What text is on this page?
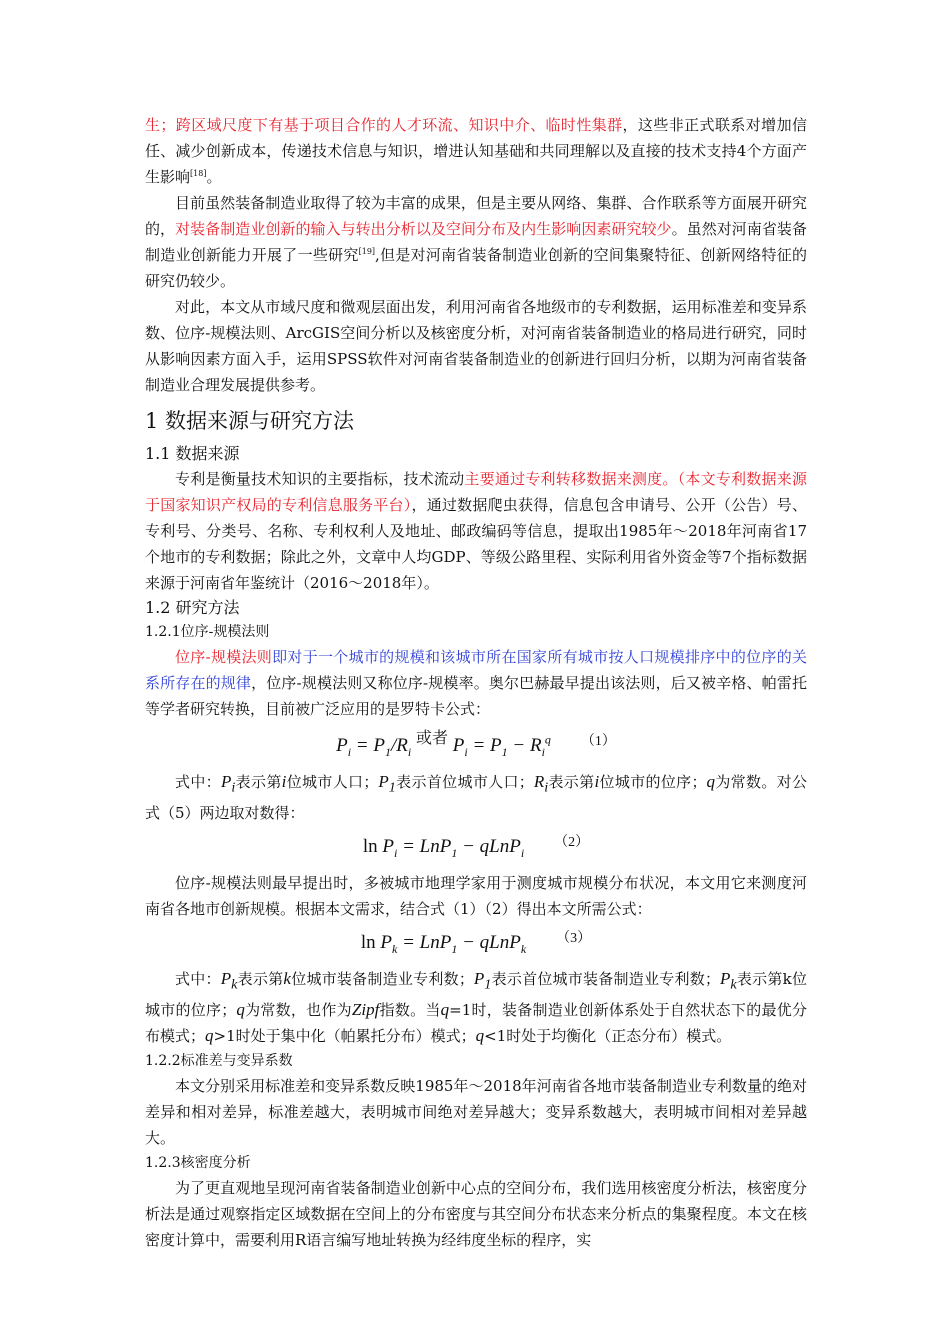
生；跨区域尺度下有基于项目合作的人才环流、知识中介、临时性集群，这些非正式联系对增加信任、减少创新成本，传递技术信息与知识，增进认知基础和共同理解以及直接的技术支持4个方面产生影响[18]。

目前虽然装备制造业取得了较为丰富的成果，但是主要从网络、集群、合作联系等方面展开研究的，对装备制造业创新的输入与转出分析以及空间分布及内生影响因素研究较少。虽然对河南省装备制造业创新能力开展了一些研究[19],但是对河南省装备制造业创新的空间集聚特征、创新网络特征的研究仍较少。

对此，本文从市域尺度和微观层面出发，利用河南省各地级市的专利数据，运用标准差和变异系数、位序-规模法则、ArcGIS空间分析以及核密度分析，对河南省装备制造业的格局进行研究，同时从影响因素方面入手，运用SPSS软件对河南省装备制造业的创新进行回归分析，以期为河南省装备制造业合理发展提供参考。

1 数据来源与研究方法
1.1 数据来源

专利是衡量技术知识的主要指标，技术流动主要通过专利转移数据来测度。（本文专利数据来源于国家知识产权局的专利信息服务平台），通过数据爬虫获得，信息包含申请号、公开（公告）号、专利号、分类号、名称、专利权利人及地址、邮政编码等信息，提取出1985年～2018年河南省17个地市的专利数据；除此之外，文章中人均GDP、等级公路里程、实际利用省外资金等7个指标数据来源于河南省年鉴统计（2016～2018年）。

1.2 研究方法
1.2.1位序-规模法则

位序-规模法则即对于一个城市的规模和该城市所在国家所有城市按人口规模排序中的位序的关系所存在的规律，位序-规模法则又称位序-规模率。奥尔巴赫最早提出该法则，后又被辛格、帕雷托等学者研究转换，目前被广泛应用的是罗特卡公式：

$P_i = P_1/R_i$ $^{或者}$ $P_i = P_1 - R_i^q$ $^{(1)}$

式中：$P_i$表示第i位城市人口；$P_1$表示首位城市人口；$R_i$表示第i位城市的位序；q为常数。对公式（5）两边取对数得：

$\ln P_i = LnP_1$ − qLnP$_i^{(2)}$

位序-规模法则最早提出时，多被城市地理学家用于测度城市规模分布状况，本文用它来测度河南省各地市创新规模。根据本文需求，结合式（1）（2）得出本文所需公式：

$\ln P_k = LnP_1$ − qLnP$_k^{(3)}$

式中：$P_k$表示第k位城市装备制造业专利数；$P_1$表示首位城市装备制造业专利数；$P_k$表示第k位城市的位序；q为常数，也作为Zipf指数。当q=1时，装备制造业创新体系处于自然状态下的最优分布模式；q>1时处于集中化（帕累托分布）模式；q<1时处于均衡化（正态分布）模式。

1.2.2标准差与变异系数

本文分别采用标准差和变异系数反映1985年～2018年河南省各地市装备制造业专利数量的绝对差异和相对差异，标准差越大，表明城市间绝对差异越大；变异系数越大，表明城市间相对差异越大。

1.2.3核密度分析

为了更直观地呈现河南省装备制造业创新中心点的空间分布，我们选用核密度分析法，核密度分析法是通过观察指定区域数据在空间上的分布密度与其空间分布状态来分析点的集聚程度。本文在核密度计算中，需要利用R语言编写地址转换为经纬度坐标的程序，实
